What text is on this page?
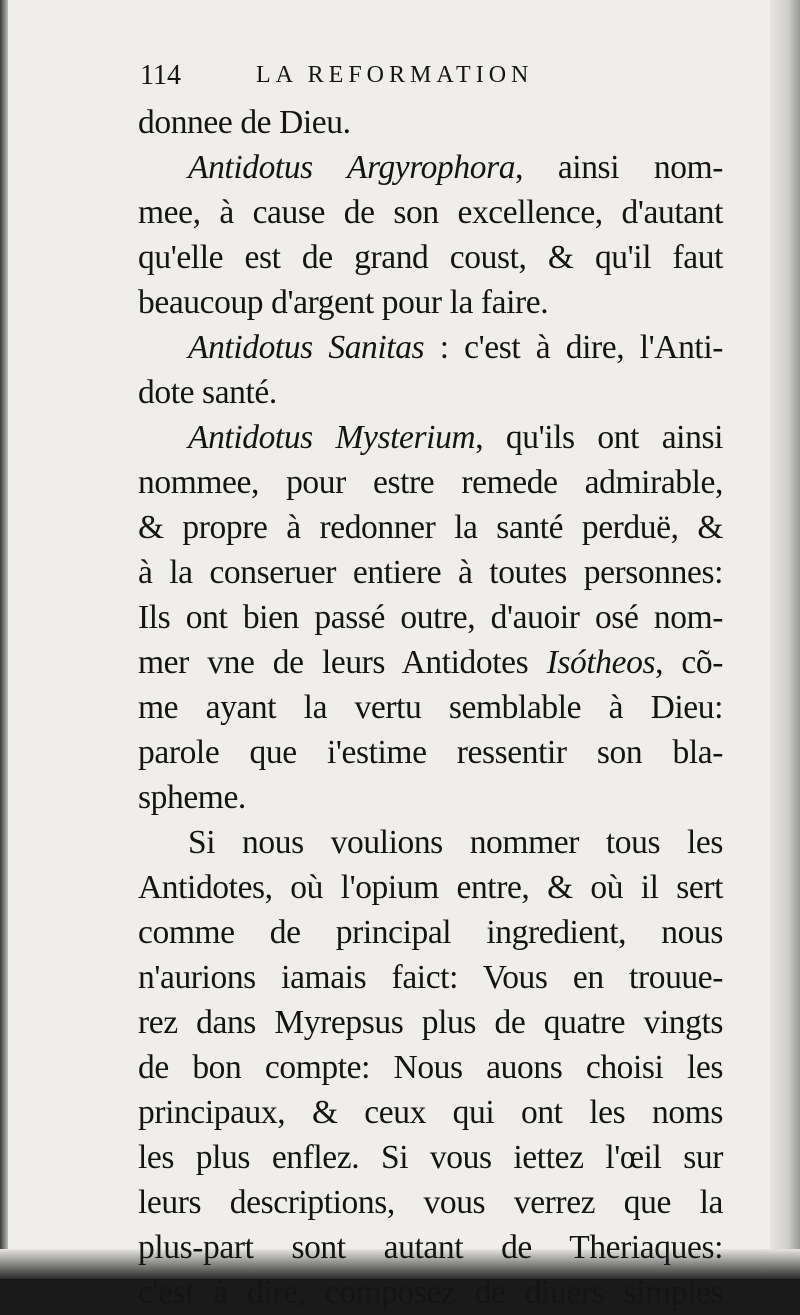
114	LA REFORMATION
donnee de Dieu.
Antidotus Argyrophora, ainsi nom-
mee, à cause de son excellence, d'autant
qu'elle est de grand coust, & qu'il faut
beaucoup d'argent pour la faire.
Antidotus Sanitas : c'est à dire, l'Anti-
dote santé.
Antidotus Mysterium, qu'ils ont ainsi
nommee, pour estre remede admirable,
& propre à redonner la santé perduë, &
à la conseruer entiere à toutes personnes:
Ils ont bien passé outre, d'auoir osé nom-
mer vne de leurs Antidotes Isótheos, cõ-
me ayant la vertu semblable à Dieu:
parole que i'estime ressentir son bla-
spheme.
Si nous voulions nommer tous les
Antidotes, où l'opium entre, & où il sert
comme de principal ingredient, nous
n'aurions iamais faict: Vous en trouue-
rez dans Myrepsus plus de quatre vingts
de bon compte: Nous auons choisi les
principaux, & ceux qui ont les noms
les plus enflez. Si vous iettez l'œil sur
leurs descriptions, vous verrez que la
plus-part sont autant de Theriaques:
c'est à dire, composez de diuers simples
